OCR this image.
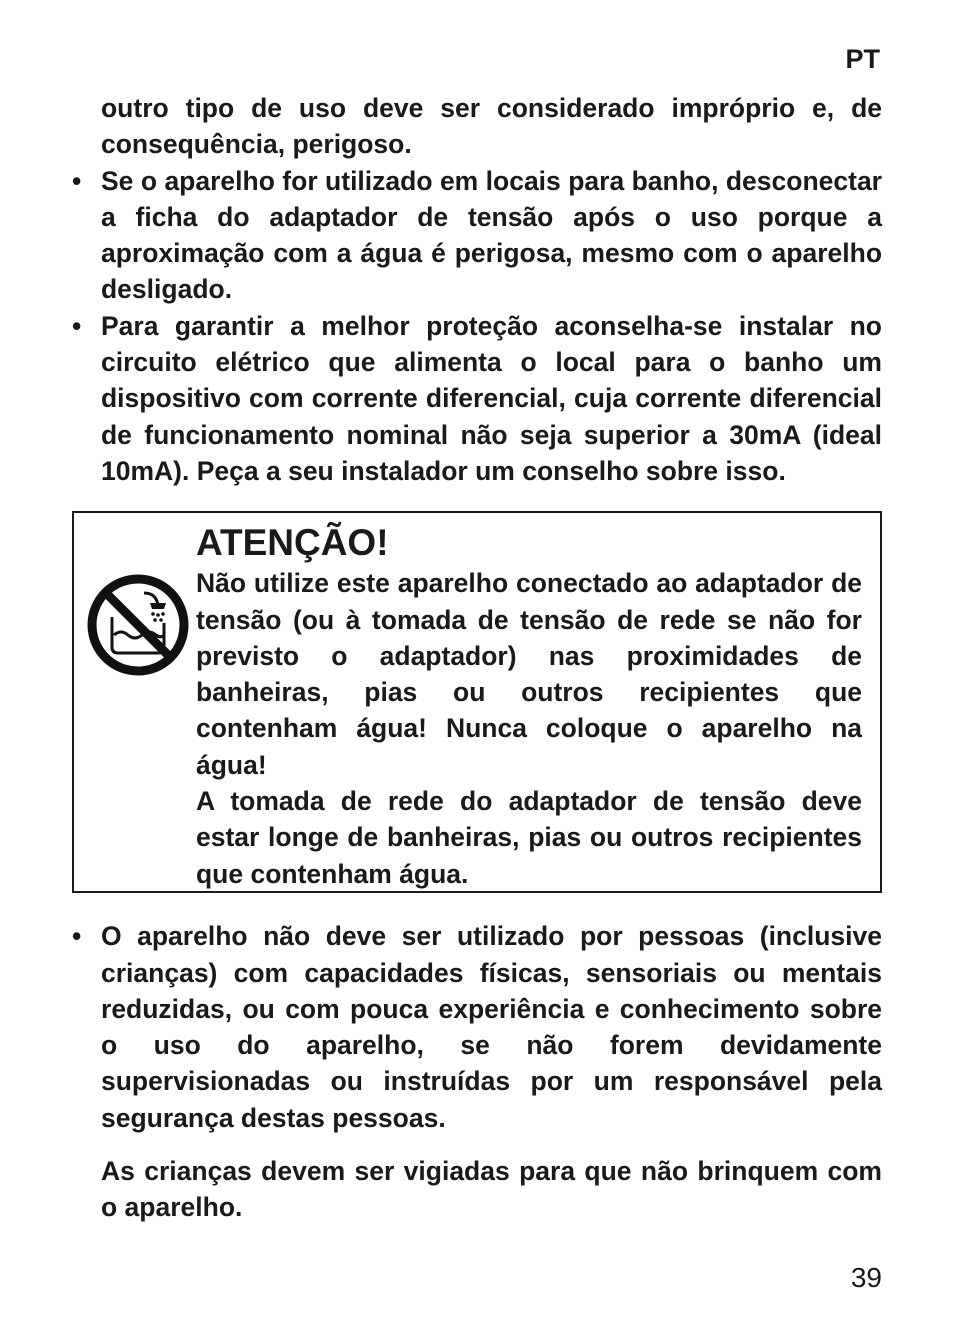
PT

outro tipo de uso deve ser considerado impróprio e, de consequência, perigoso.

• Se o aparelho for utilizado em locais para banho, desconectar a ficha do adaptador de tensão após o uso porque a aproximação com a água é perigosa, mesmo com o aparelho desligado.

• Para garantir a melhor proteção aconselha-se instalar no circuito elétrico que alimenta o local para o banho um dispositivo com corrente diferencial, cuja corrente diferencial de funcionamento nominal não seja superior a 30mA (ideal 10mA). Peça a seu instalador um conselho sobre isso.

ATENÇÃO!

Não utilize este aparelho conectado ao adaptador de tensão (ou à tomada de tensão de rede se não for previsto o adaptador) nas proximidades de banheiras, pias ou outros recipientes que contenham água! Nunca coloque o aparelho na água!

A tomada de rede do adaptador de tensão deve estar longe de banheiras, pias ou outros recipientes que contenham água.

• O aparelho não deve ser utilizado por pessoas (inclusive crianças) com capacidades físicas, sensoriais ou mentais reduzidas, ou com pouca experiência e conhecimento sobre o uso do aparelho, se não forem devidamente supervisionadas ou instruídas por um responsável pela segurança destas pessoas.

As crianças devem ser vigiadas para que não brinquem com o aparelho.

39
